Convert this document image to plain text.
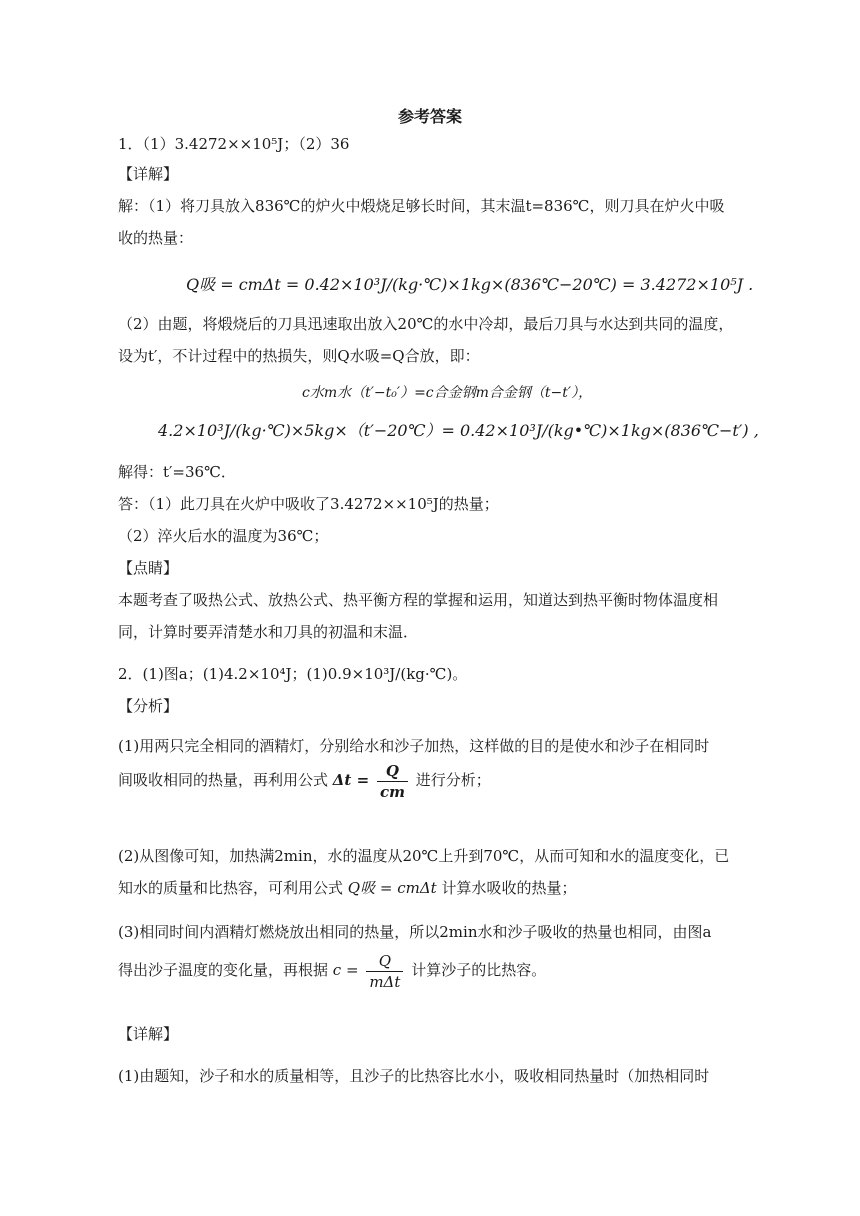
参考答案
1．（1）3.4272××10⁵J；（2）36
【详解】
解：（1）将刀具放入836℃的炉火中煅烧足够长时间，其末温t=836℃，则刀具在炉火中吸
收的热量：
Q吸 = cmΔt = 0.42×10³J/(kg·℃)×1kg×(836℃−20℃) = 3.4272×10⁵J .
（2）由题，将煅烧后的刀具迅速取出放入20℃的水中冷却，最后刀具与水达到共同的温度，
设为t′，不计过程中的热损失，则Q水吸=Q合放，即：
c水m水（t′−t₀′）=c合金钢m合金钢（t−t′），
4.2×10³J/(kg·℃)×5kg×（t′−20℃）= 0.42×10³J/(kg•℃)×1kg×(836℃−t′) ,
解得：t′=36℃．
答：（1）此刀具在火炉中吸收了3.4272××10⁵J的热量；
（2）淬火后水的温度为36℃；
【点睛】
本题考查了吸热公式、放热公式、热平衡方程的掌握和运用，知道达到热平衡时物体温度相
同，计算时要弄清楚水和刀具的初温和末温．
2．(1)图a；(1)4.2×10⁴J；(1)0.9×10³J/(kg·℃)。
【分析】
(1)用两只完全相同的酒精灯，分别给水和沙子加热，这样做的目的是使水和沙子在相同时
间吸收相同的热量，再利用公式 $\Delta t = \frac{Q}{cm}$ 进行分析；
(2)从图像可知，加热满2min，水的温度从20℃上升到70℃，从而可知和水的温度变化，已
知水的质量和比热容，可利用公式 Q吸 = cmΔt 计算水吸收的热量；
(3)相同时间内酒精灯燃烧放出相同的热量，所以2min水和沙子吸收的热量也相同，由图a
得出沙子温度的变化量，再根据 $c = \frac{Q}{\text{mΔt}}$ 计算沙子的比热容。
【详解】
(1)由题知，沙子和水的质量相等，且沙子的比热容比水小，吸收相同热量时（加热相同时
